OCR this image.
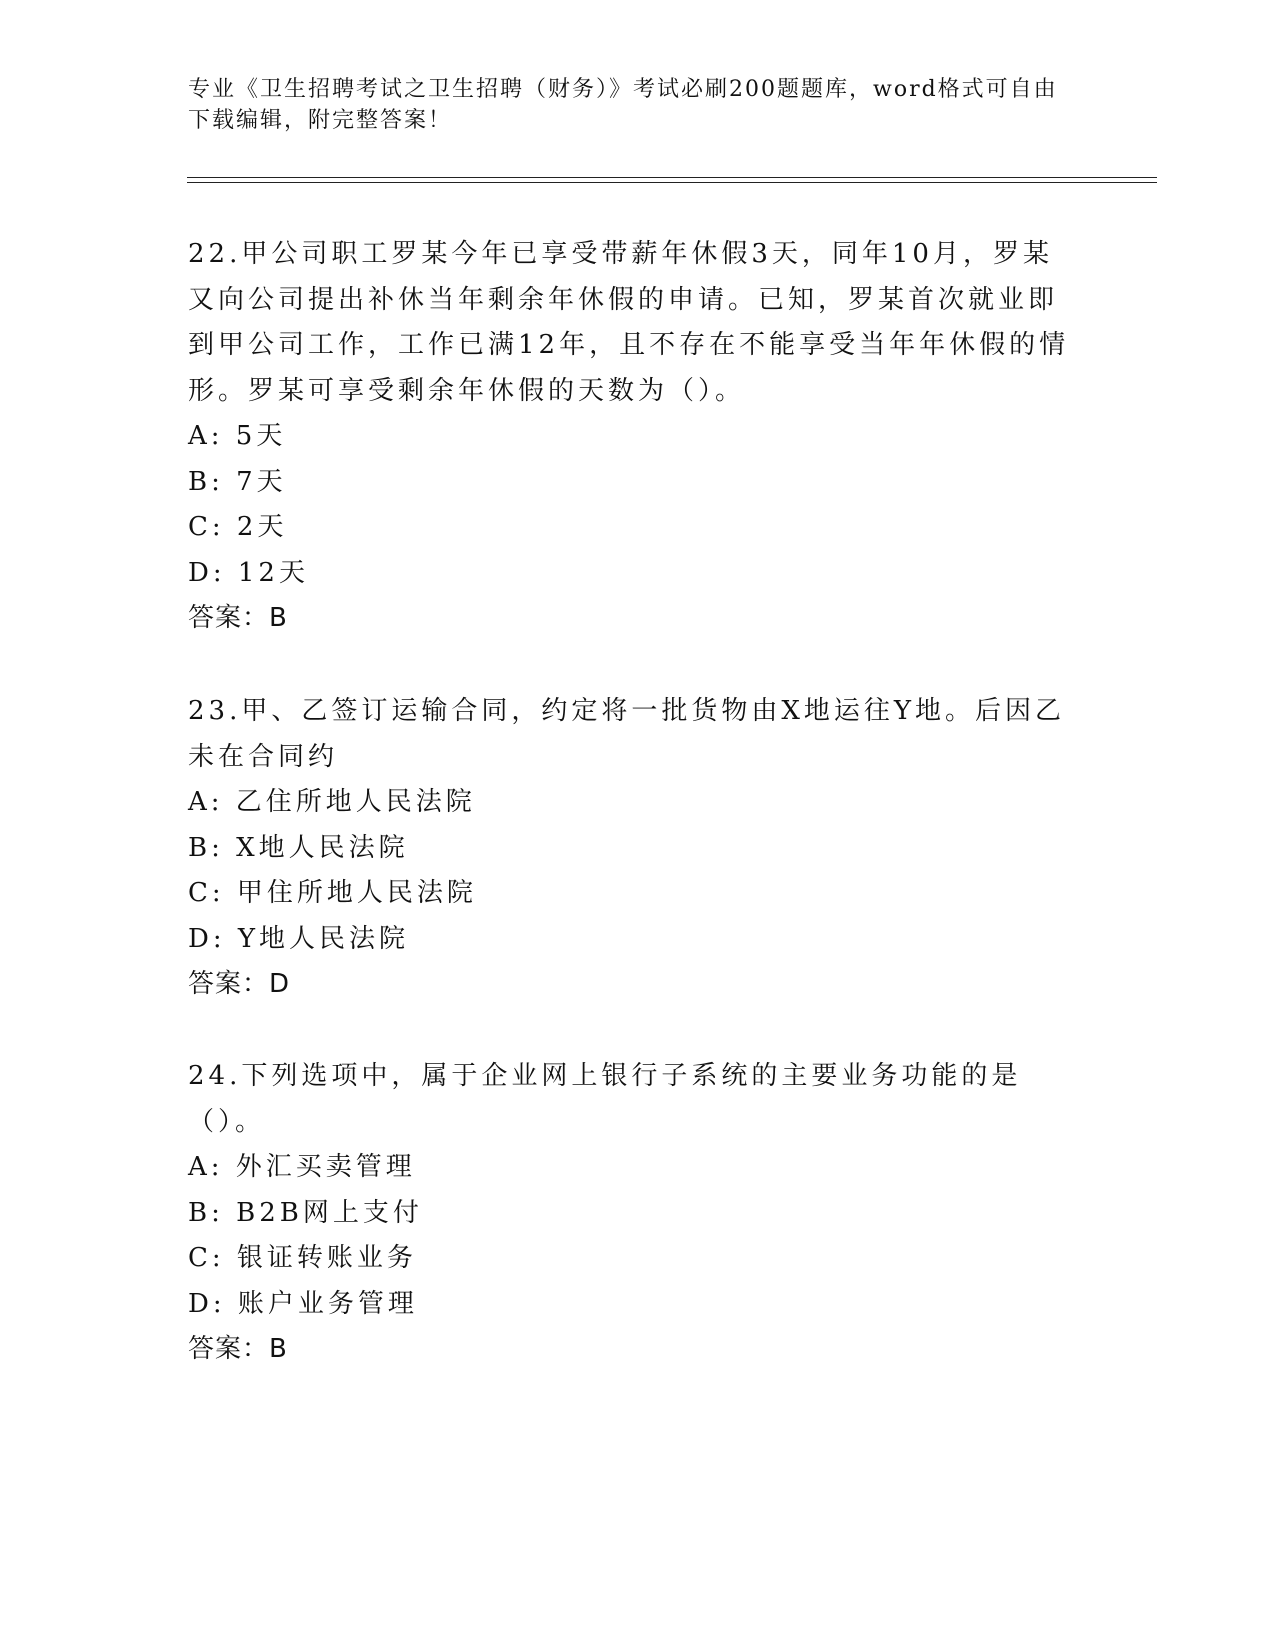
专业《卫生招聘考试之卫生招聘（财务）》考试必刷200题题库，word格式可自由下载编辑，附完整答案！
22.甲公司职工罗某今年已享受带薪年休假3天，同年10月，罗某又向公司提出补休当年剩余年休假的申请。已知，罗某首次就业即到甲公司工作，工作已满12年，且不存在不能享受当年年休假的情形。罗某可享受剩余年休假的天数为（）。
A: 5天
B: 7天
C: 2天
D: 12天
答案：B
23.甲、乙签订运输合同，约定将一批货物由X地运往Y地。后因乙未在合同约
A: 乙住所地人民法院
B: X地人民法院
C: 甲住所地人民法院
D: Y地人民法院
答案：D
24.下列选项中，属于企业网上银行子系统的主要业务功能的是（）。
A: 外汇买卖管理
B: B2B网上支付
C: 银证转账业务
D: 账户业务管理
答案：B
